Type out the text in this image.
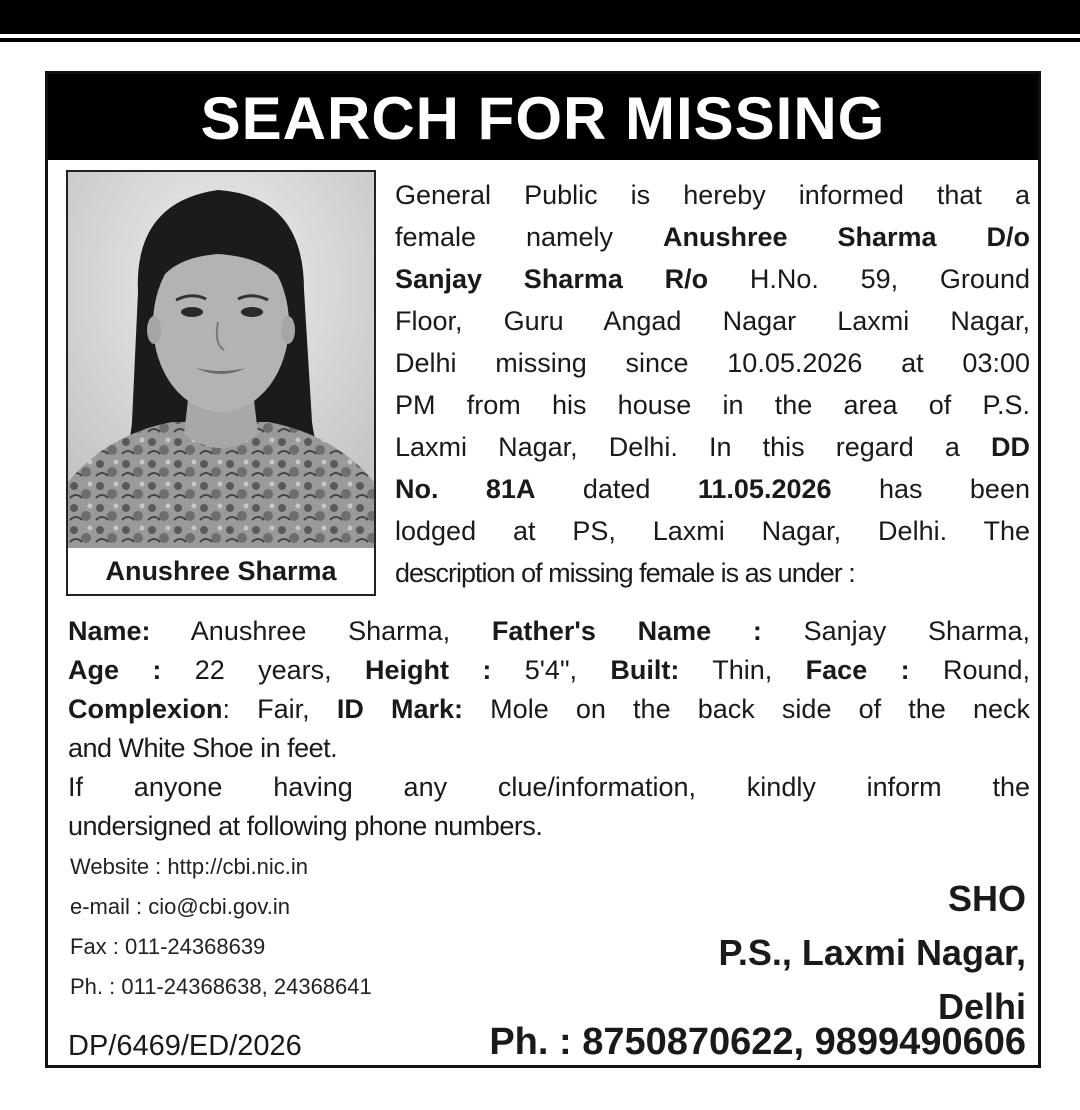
SEARCH FOR MISSING
Anushree Sharma
General Public is hereby informed that a
female namely Anushree Sharma D/o
Sanjay Sharma R/o H.No. 59, Ground
Floor, Guru Angad Nagar Laxmi Nagar,
Delhi missing since 10.05.2026 at 03:00
PM from his house in the area of P.S.
Laxmi Nagar, Delhi. In this regard a DD
No. 81A dated 11.05.2026 has been
lodged at PS, Laxmi Nagar, Delhi. The
description of missing female is as under :
Name: Anushree Sharma, Father's Name : Sanjay Sharma,
Age : 22 years, Height : 5'4", Built: Thin, Face : Round,
Complexion: Fair, ID Mark: Mole on the back side of the neck
and White Shoe in feet.
If anyone having any clue/information, kindly inform the
undersigned at following phone numbers.
Website : http://cbi.nic.in
e-mail : cio@cbi.gov.in
Fax : 011-24368639
Ph. : 011-24368638, 24368641
SHO
P.S., Laxmi Nagar,
Delhi
DP/6469/ED/2026	Ph. : 8750870622, 9899490606
